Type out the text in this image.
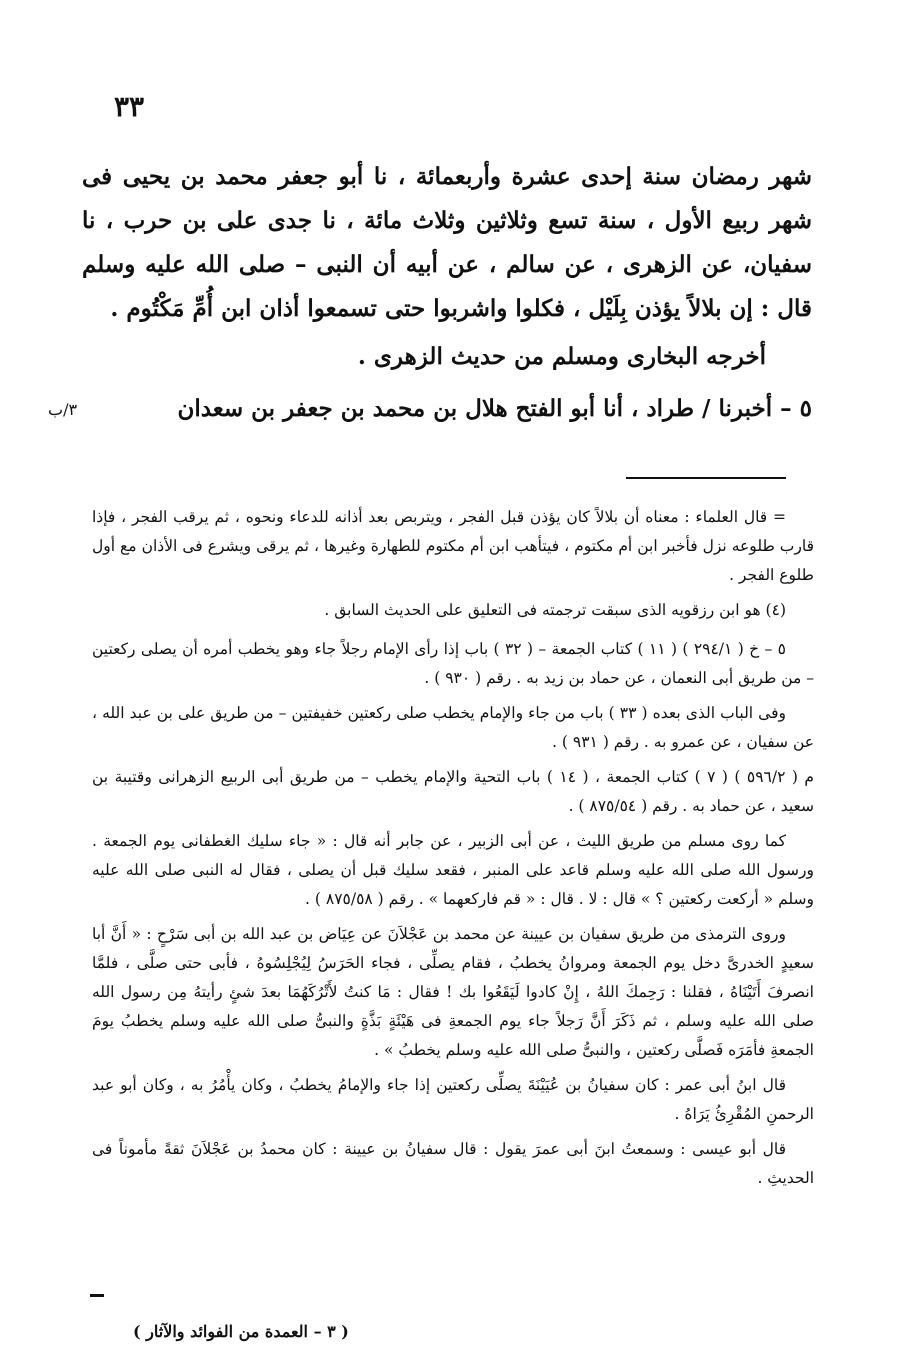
٣٣

شهر رمضان سنة إحدى عشرة وأربعمائة ، نا أبو جعفر محمد بن يحيى فى شهر ربيع الأول ، سنة تسع وثلاثين وثلاث مائة ، نا جدى على بن حرب ، نا سفيان، عن الزهرى ، عن سالم ، عن أبيه أن النبى – صلى الله عليه وسلم قال : إن بلالاً يؤذن بِلَيْل ، فكلوا واشربوا حتى تسمعوا أذان ابن أُمِّ مَكْتُوم .

أخرجه البخارى ومسلم من حديث الزهرى .

٥ – أخبرنا / طراد ، أنا أبو الفتح هلال بن محمد بن جعفر بن سعدان

٣/ب

= قال العلماء : معناه أن بلالاً كان يؤذن قبل الفجر ، ويتربص بعد أذانه للدعاء ونحوه ، ثم يرقب الفجر ، فإذا قارب طلوعه نزل فأخبر ابن أم مكتوم ، فيتأهب ابن أم مكتوم للطهارة وغيرها ، ثم يرقى ويشرع فى الأذان مع أول طلوع الفجر .

(٤) هو ابن رزقويه الذى سبقت ترجمته فى التعليق على الحديث السابق .

٥ – خ ( ٢٩٤/١ ) ( ١١ ) كتاب الجمعة – ( ٣٢ ) باب إذا رأى الإمام رجلاً جاء وهو يخطب أمره أن يصلى ركعتين – من طريق أبى النعمان ، عن حماد بن زيد به . رقم ( ٩٣٠ ) .

وفى الباب الذى بعده ( ٣٣ ) باب من جاء والإمام يخطب صلى ركعتين خفيفتين – من طريق على بن عبد الله ، عن سفيان ، عن عمرو به . رقم ( ٩٣١ ) .

م ( ٥٩٦/٢ ) ( ٧ ) كتاب الجمعة ، ( ١٤ ) باب التحية والإمام يخطب – من طريق أبى الربيع الزهرانى وقتيبة بن سعيد ، عن حماد به . رقم ( ٨٧٥/٥٤ ) .

كما روى مسلم من طريق الليث ، عن أبى الزبير ، عن جابر أنه قال : « جاء سليك الغطفانى يوم الجمعة . ورسول الله صلى الله عليه وسلم قاعد على المنبر ، فقعد سليك قبل أن يصلى ، فقال له النبى صلى الله عليه وسلم « أركعت ركعتين ؟ » قال : لا . قال : « قم فاركعهما » . رقم ( ٨٧٥/٥٨ ) .

وروى الترمذى من طريق سفيان بن عيينة عن محمد بن عَجْلاَنَ عن عِيَاض بن عبد الله بن أبى سَرْحٍ : « أَنَّ أبا سعيدٍ الخدرىَّ دخل يوم الجمعة ومروانُ يخطبُ ، فقام يصلِّى ، فجاء الحَرَسُ لِيُجْلِسُوهُ ، فأبى حتى صلَّى ، فلمَّا انصرفَ أَتَيْنَاهُ ، فقلنا : رَحِمكَ اللهُ ، إِنْ كادوا لَيَقَعُوا بك ! فقال : مَا كنتُ لأَتْرُكَهُمَا بعدَ شئٍ رأيتهُ مِن رسول الله صلى الله عليه وسلم ، ثم ذَكَرَ أَنَّ رَجلاً جاء يوم الجمعةِ فى هَيْئَةٍ بَذَّةٍ والنبىُّ صلى الله عليه وسلم يخطبُ يومَ الجمعةِ فأمَرَه فَصلَّى ركعتين ، والنبىُّ صلى الله عليه وسلم يخطبُ » .

قال ابنُ أبى عمر : كان سفيانُ بن عُيَيْنَةَ يصلِّى ركعتين إذا جاء والإمامُ يخطبُ ، وكان يأْمُرُ به ، وكان أبو عبد الرحمنِ المُقْرِئُ يَرَاهُ .

قال أبو عيسى : وسمعتُ ابنَ أبى عمرَ يقول : قال سفيانُ بن عيينة : كان محمدُ بن عَجْلاَنَ ثقةً مأموناً فى الحديثِ .

( ٣ – العمدة من الفوائد والآثار )
